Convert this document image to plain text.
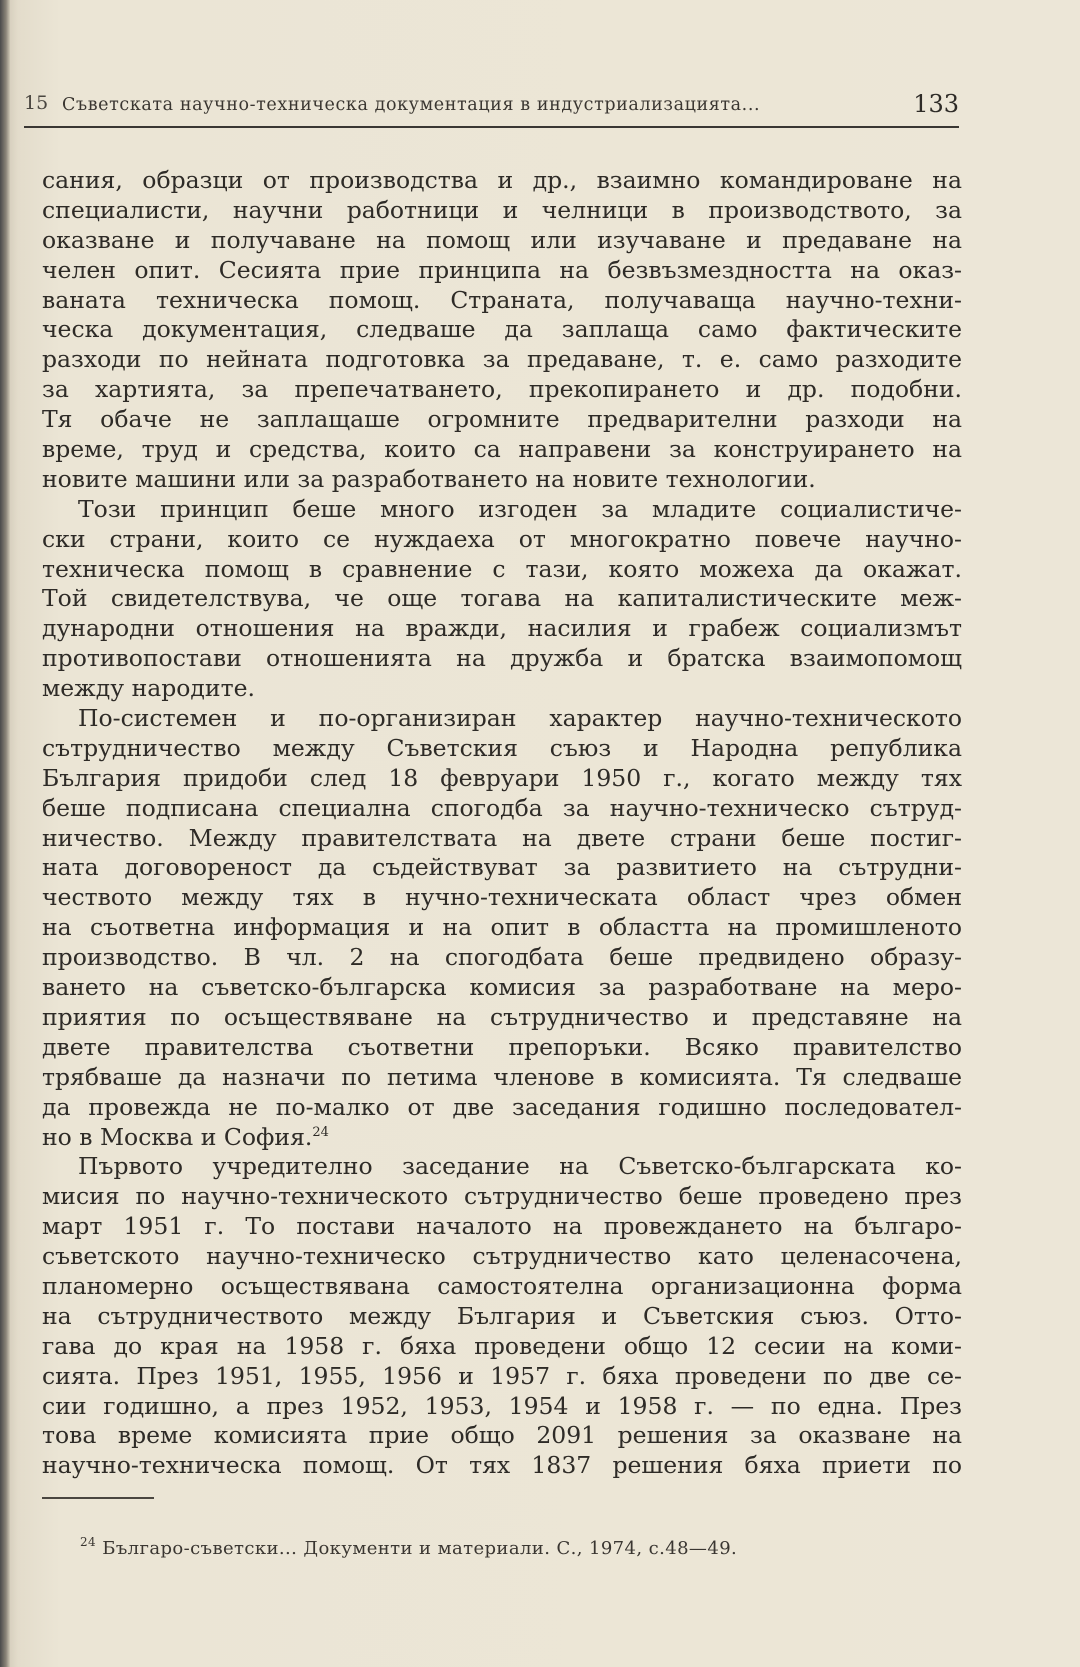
15 Съветската научно-техническа документация в индустриализацията...	133
сания, образци от производства и др., взаимно командироване на
специалисти, научни работници и челници в производството, за
оказване и получаване на помощ или изучаване и предаване на
челен опит. Сесията прие принципа на безвъзмездността на оказ-
ваната техническа помощ. Страната, получаваща научно-техни-
ческа документация, следваше да заплаща само фактическите
разходи по нейната подготовка за предаване, т. е. само разходите
за хартията, за препечатването, прекопирането и др. подобни.
Тя обаче не заплащаше огромните предварителни разходи на
време, труд и средства, които са направени за конструирането на
новите машини или за разработването на новите технологии.
Този принцип беше много изгоден за младите социалистиче-
ски страни, които се нуждаеха от многократно повече научно-
техническа помощ в сравнение с тази, която можеха да окажат.
Той свидетелствува, че още тогава на капиталистическите меж-
дународни отношения на вражди, насилия и грабеж социализмът
противопостави отношенията на дружба и братска взаимопомощ
между народите.
По-системен и по-организиран характер научно-техническото
сътрудничество между Съветския съюз и Народна република
България придоби след 18 февруари 1950 г., когато между тях
беше подписана специална спогодба за научно-техническо сътруд-
ничество. Между правителствата на двете страни беше постиг-
ната договореност да съдействуват за развитието на сътрудни-
чеството между тях в нучно-техническата област чрез обмен
на съответна информация и на опит в областта на промишленото
производство. В чл. 2 на спогодбата беше предвидено образу-
ването на съветско-българска комисия за разработване на меро-
приятия по осъществяване на сътрудничество и представяне на
двете правителства съответни препоръки. Всяко правителство
трябваше да назначи по петима членове в комисията. Тя следваше
да провежда не по-малко от две заседания годишно последовател-
но в Москва и София.$^{24}$
Първото учредително заседание на Съветско-българската ко-
мисия по научно-техническото сътрудничество беше проведено през
март 1951 г. То постави началото на провеждането на българо-
съветското научно-техническо сътрудничество като целенасочена,
планомерно осъществявана самостоятелна организационна форма
на сътрудничеството между България и Съветския съюз. Отто-
гава до края на 1958 г. бяха проведени общо 12 сесии на коми-
сията. През 1951, 1955, 1956 и 1957 г. бяха проведени по две се-
сии годишно, а през 1952, 1953, 1954 и 1958 г. — по една. През
това време комисията прие общо 2091 решения за оказване на
научно-техническа помощ. От тях 1837 решения бяха приети по
$^{24}$ Българо-съветски... Документи и материали. С., 1974, с.48—49.
